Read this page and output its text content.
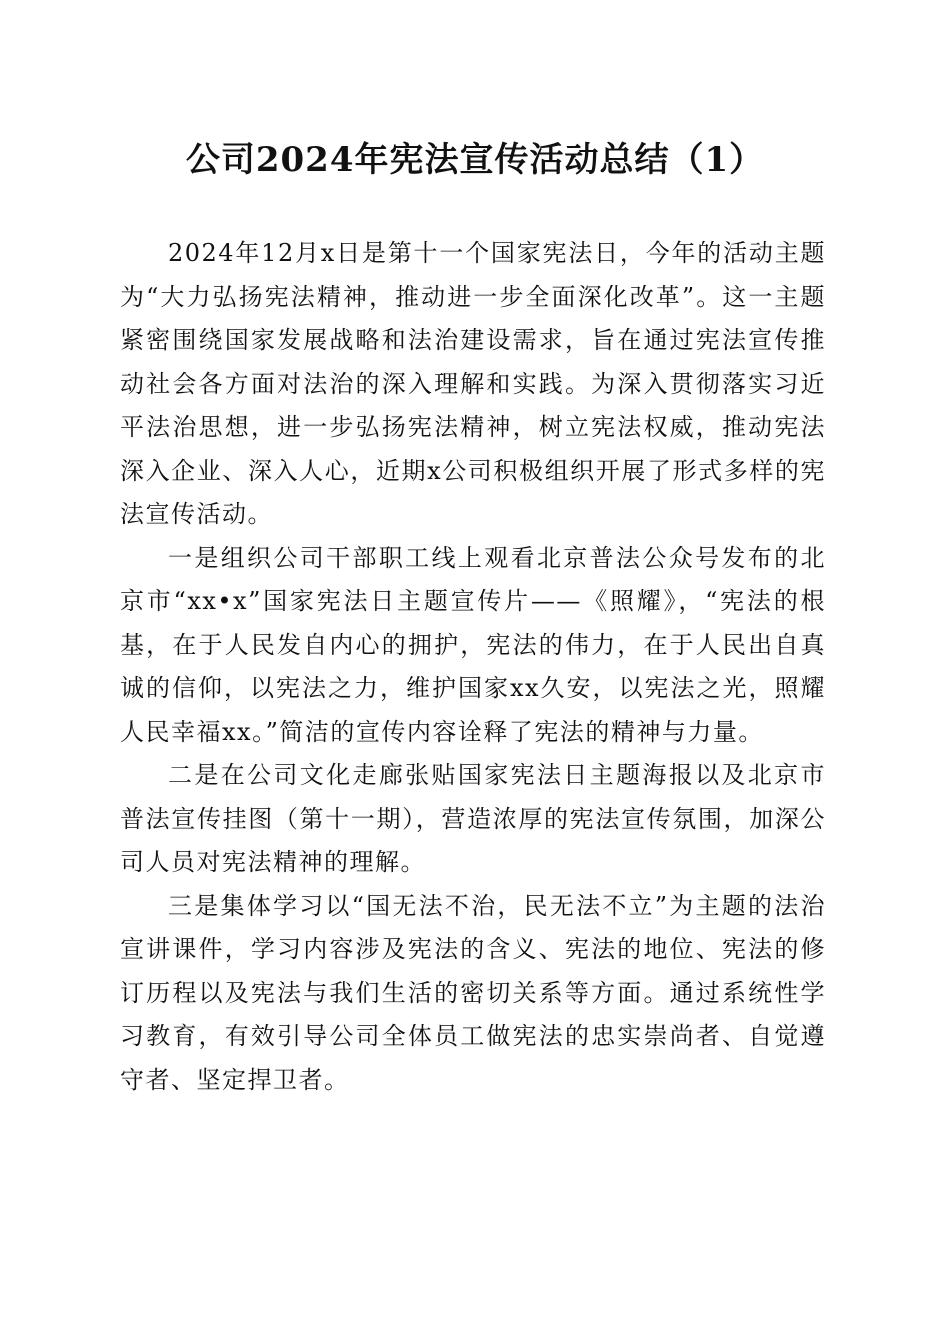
公司2024年宪法宣传活动总结（1）

2024年12月x日是第十一个国家宪法日，今年的活动主题为“大力弘扬宪法精神，推动进一步全面深化改革”。这一主题紧密围绕国家发展战略和法治建设需求，旨在通过宪法宣传推动社会各方面对法治的深入理解和实践。为深入贯彻落实习近平法治思想，进一步弘扬宪法精神，树立宪法权威，推动宪法深入企业、深入人心，近期x公司积极组织开展了形式多样的宪法宣传活动。

一是组织公司干部职工线上观看北京普法公众号发布的北京市“xx•x”国家宪法日主题宣传片——《照耀》，“宪法的根基，在于人民发自内心的拥护，宪法的伟力，在于人民出自真诚的信仰，以宪法之力，维护国家xx久安，以宪法之光，照耀人民幸福xx。”简洁的宣传内容诠释了宪法的精神与力量。

二是在公司文化走廊张贴国家宪法日主题海报以及北京市普法宣传挂图（第十一期），营造浓厚的宪法宣传氛围，加深公司人员对宪法精神的理解。

三是集体学习以“国无法不治，民无法不立”为主题的法治宣讲课件，学习内容涉及宪法的含义、宪法的地位、宪法的修订历程以及宪法与我们生活的密切关系等方面。通过系统性学习教育，有效引导公司全体员工做宪法的忠实崇尚者、自觉遵守者、坚定捍卫者。
